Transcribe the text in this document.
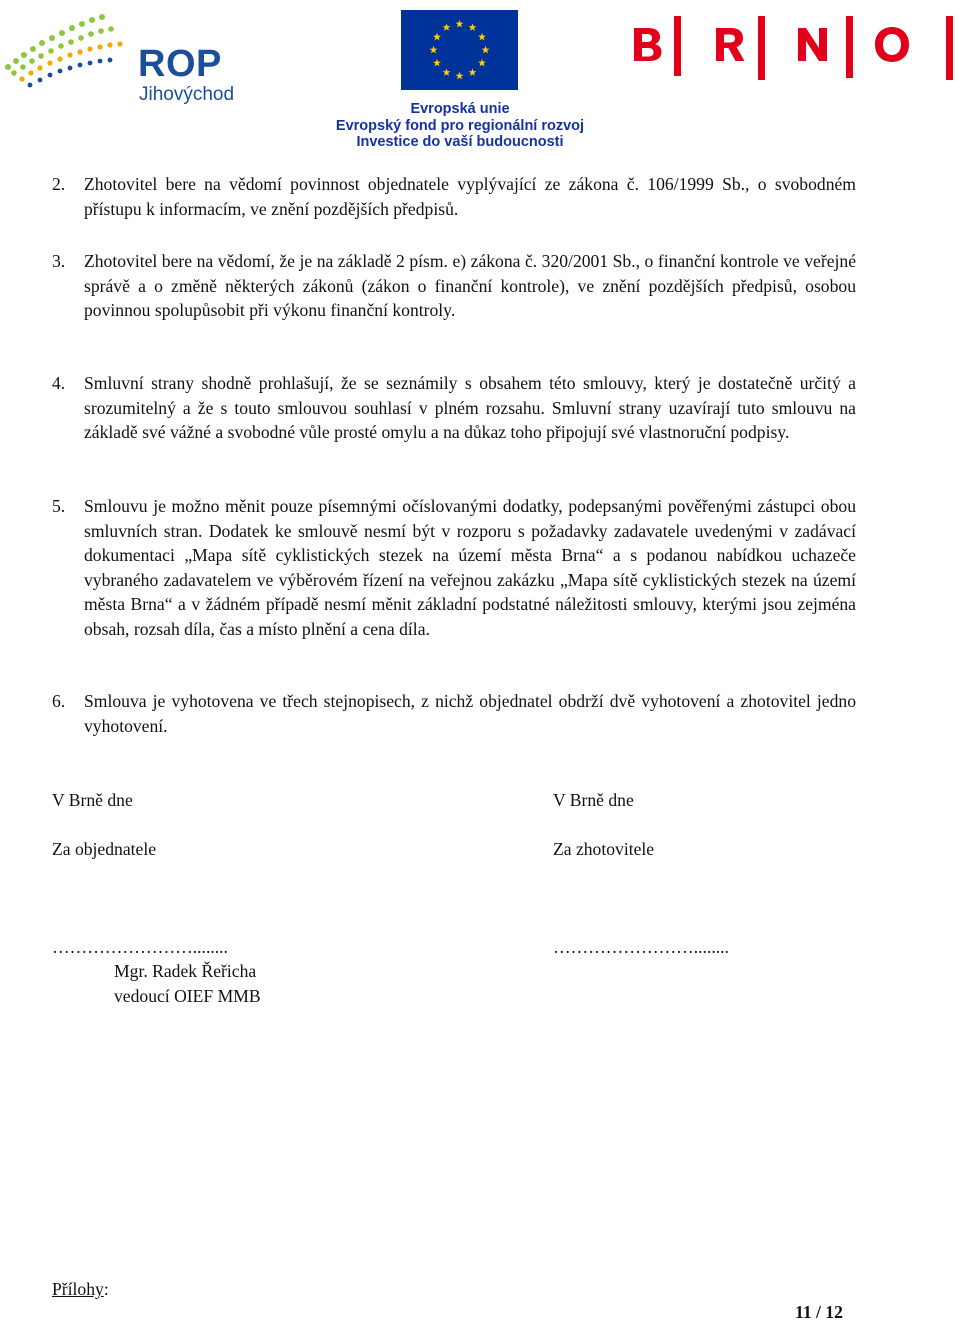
ROP
Jihovýchod
Evropská unie
Evropský fond pro regionální rozvoj
Investice do vaší budoucnosti
2.	Zhotovitel bere na vědomí povinnost objednatele vyplývající ze zákona č. 106/1999 Sb., o svobodném přístupu k informacím, ve znění pozdějších předpisů.
3.	Zhotovitel bere na vědomí, že je na základě 2 písm. e) zákona č. 320/2001 Sb., o finanční kontrole ve veřejné správě a o změně některých zákonů (zákon o finanční kontrole), ve znění pozdějších předpisů, osobou povinnou spolupůsobit při výkonu finanční kontroly.
4.	Smluvní strany shodně prohlašují, že se seznámily s obsahem této smlouvy, který je dostatečně určitý a srozumitelný a že s touto smlouvou souhlasí v plném rozsahu. Smluvní strany uzavírají tuto smlouvu na základě své vážné a svobodné vůle prosté omylu a na důkaz toho připojují své vlastnoruční podpisy.
5.	Smlouvu je možno měnit pouze písemnými očíslovanými dodatky, podepsanými pověřenými zástupci obou smluvních stran. Dodatek ke smlouvě nesmí být v rozporu s požadavky zadavatele uvedenými v zadávací dokumentaci „Mapa sítě cyklistických stezek na území města Brna“ a s podanou nabídkou uchazeče vybraného zadavatelem ve výběrovém řízení na veřejnou zakázku „Mapa sítě cyklistických stezek na území města Brna“ a v žádném případě nesmí měnit základní podstatné náležitosti smlouvy, kterými jsou zejména obsah, rozsah díla, čas a místo plnění a cena díla.
6.	Smlouva je vyhotovena ve třech stejnopisech, z nichž objednatel obdrží dvě vyhotovení a zhotovitel jedno vyhotovení.
V Brně dne	V Brně dne
Za objednatele	Za zhotovitele
……………………........	……………………........
Mgr. Radek Řeřicha
vedoucí OIEF MMB
Přílohy:
11 / 12
